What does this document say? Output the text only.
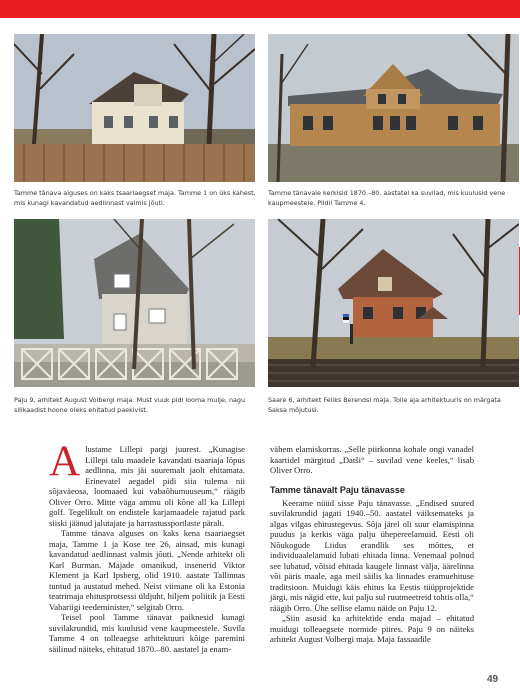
Tamme tänava alguses on kaks tsaariaegset maja. Tamme 1 on üks kahest, mis kunagi kavandatud aedlinnast valmis jõuti.
Tamme tänavale kerkisid 1870.–80. aastatel ka suvilad, mis kuulusid vene kaupmeestele. Pildil Tamme 4.
Paju 9, arhitekt August Volbergi maja. Must vuuk pidi looma mulje, nagu silikaadist hoone oleks ehitatud paekivist.
Saare 6, arhitekt Feliks Berendsi maja. Tolle aja arhitektuuris on märgata Saksa mõjutusi.

Alustame Lillepi pargi juurest. „Kunagise Lillepi talu maadele kavandati tsaariaja lõpus aedlinna, mis jäi suuremalt jaolt ehitamata. Erinevatel aegadel pidi siia tulema nii sõjaväeosa, loomaaed kui vabaõhumuuseum,“ räägib Oliver Orro. Mitte väga ammu oli kõne all ka Lillepi golf. Tegelikult on endistele karjamaadele rajatud park siiski jäänud jalutajate ja harrastussportlaste päralt.

Tamme tänava alguses on kaks kena tsaariaegset maja, Tamme 1 ja Kose tee 26, ainsad, mis kunagi kavandatud aedlinnast valmis jõuti. „Nende arhitekt oli Karl Burman. Majade omanikud, insenerid Viktor Klement ja Karl Ipsberg, olid 1910. aastate Tallinnas tuntud ja austatud mehed. Neist viimane oli ka Estonia teatrimaja ehitusprotsessi üldjuht, hiljem poliitik ja Eesti Vabariigi teedeminister,“ selgitab Orro.

Teisel pool Tamme tänavat paiknesid kunagi suvilakrundid, mis kuulusid vene kaupmeestele. Suvila Tamme 4 on tolleaegse arhitektuuri kõige paremini säilinud näiteks, ehitatud 1870.–80. aastatel ja enam-

vähem elamiskorras. „Selle piirkonna kohale ongi vanadel kaartidel märgitud „Datši“ – suvilad vene keeles,“ lisab Oliver Orro.

Tamme tänavalt Paju tänavasse

Keerame nüüd sisse Paju tänavasse. „Endised suured suvilakrundid jagati 1940.–50. aastatel väiksemateks ja algas vilgas ehitustegevus. Sõja järel oli suur elamispinna puudus ja kerkis väga palju ühepereelamuid. Eesti oli Nõukogude Liidus erandlik ses mõttes, et individuaalelamuid lubati ehitada linna. Venemaal polnud see lubatud, võisid ehitada kaugele linnast välja, äärelinna või päris maale, aga meil säilis ka linnades eramuehituse traditsioon. Muidugi käis ehitus ka Eestis tüüpprojektide järgi, mis nägid ette, kui palju sul ruutmeetreid tohtis olla,“ räägib Orro. Ühe sellise elamu näide on Paju 12.

„Siin asusid ka arhitektide enda majad – ehitatud muidugi tolleaegsete normide piires. Paju 9 on näiteks arhitekt August Volbergi maja. Maja fassaadile

49
